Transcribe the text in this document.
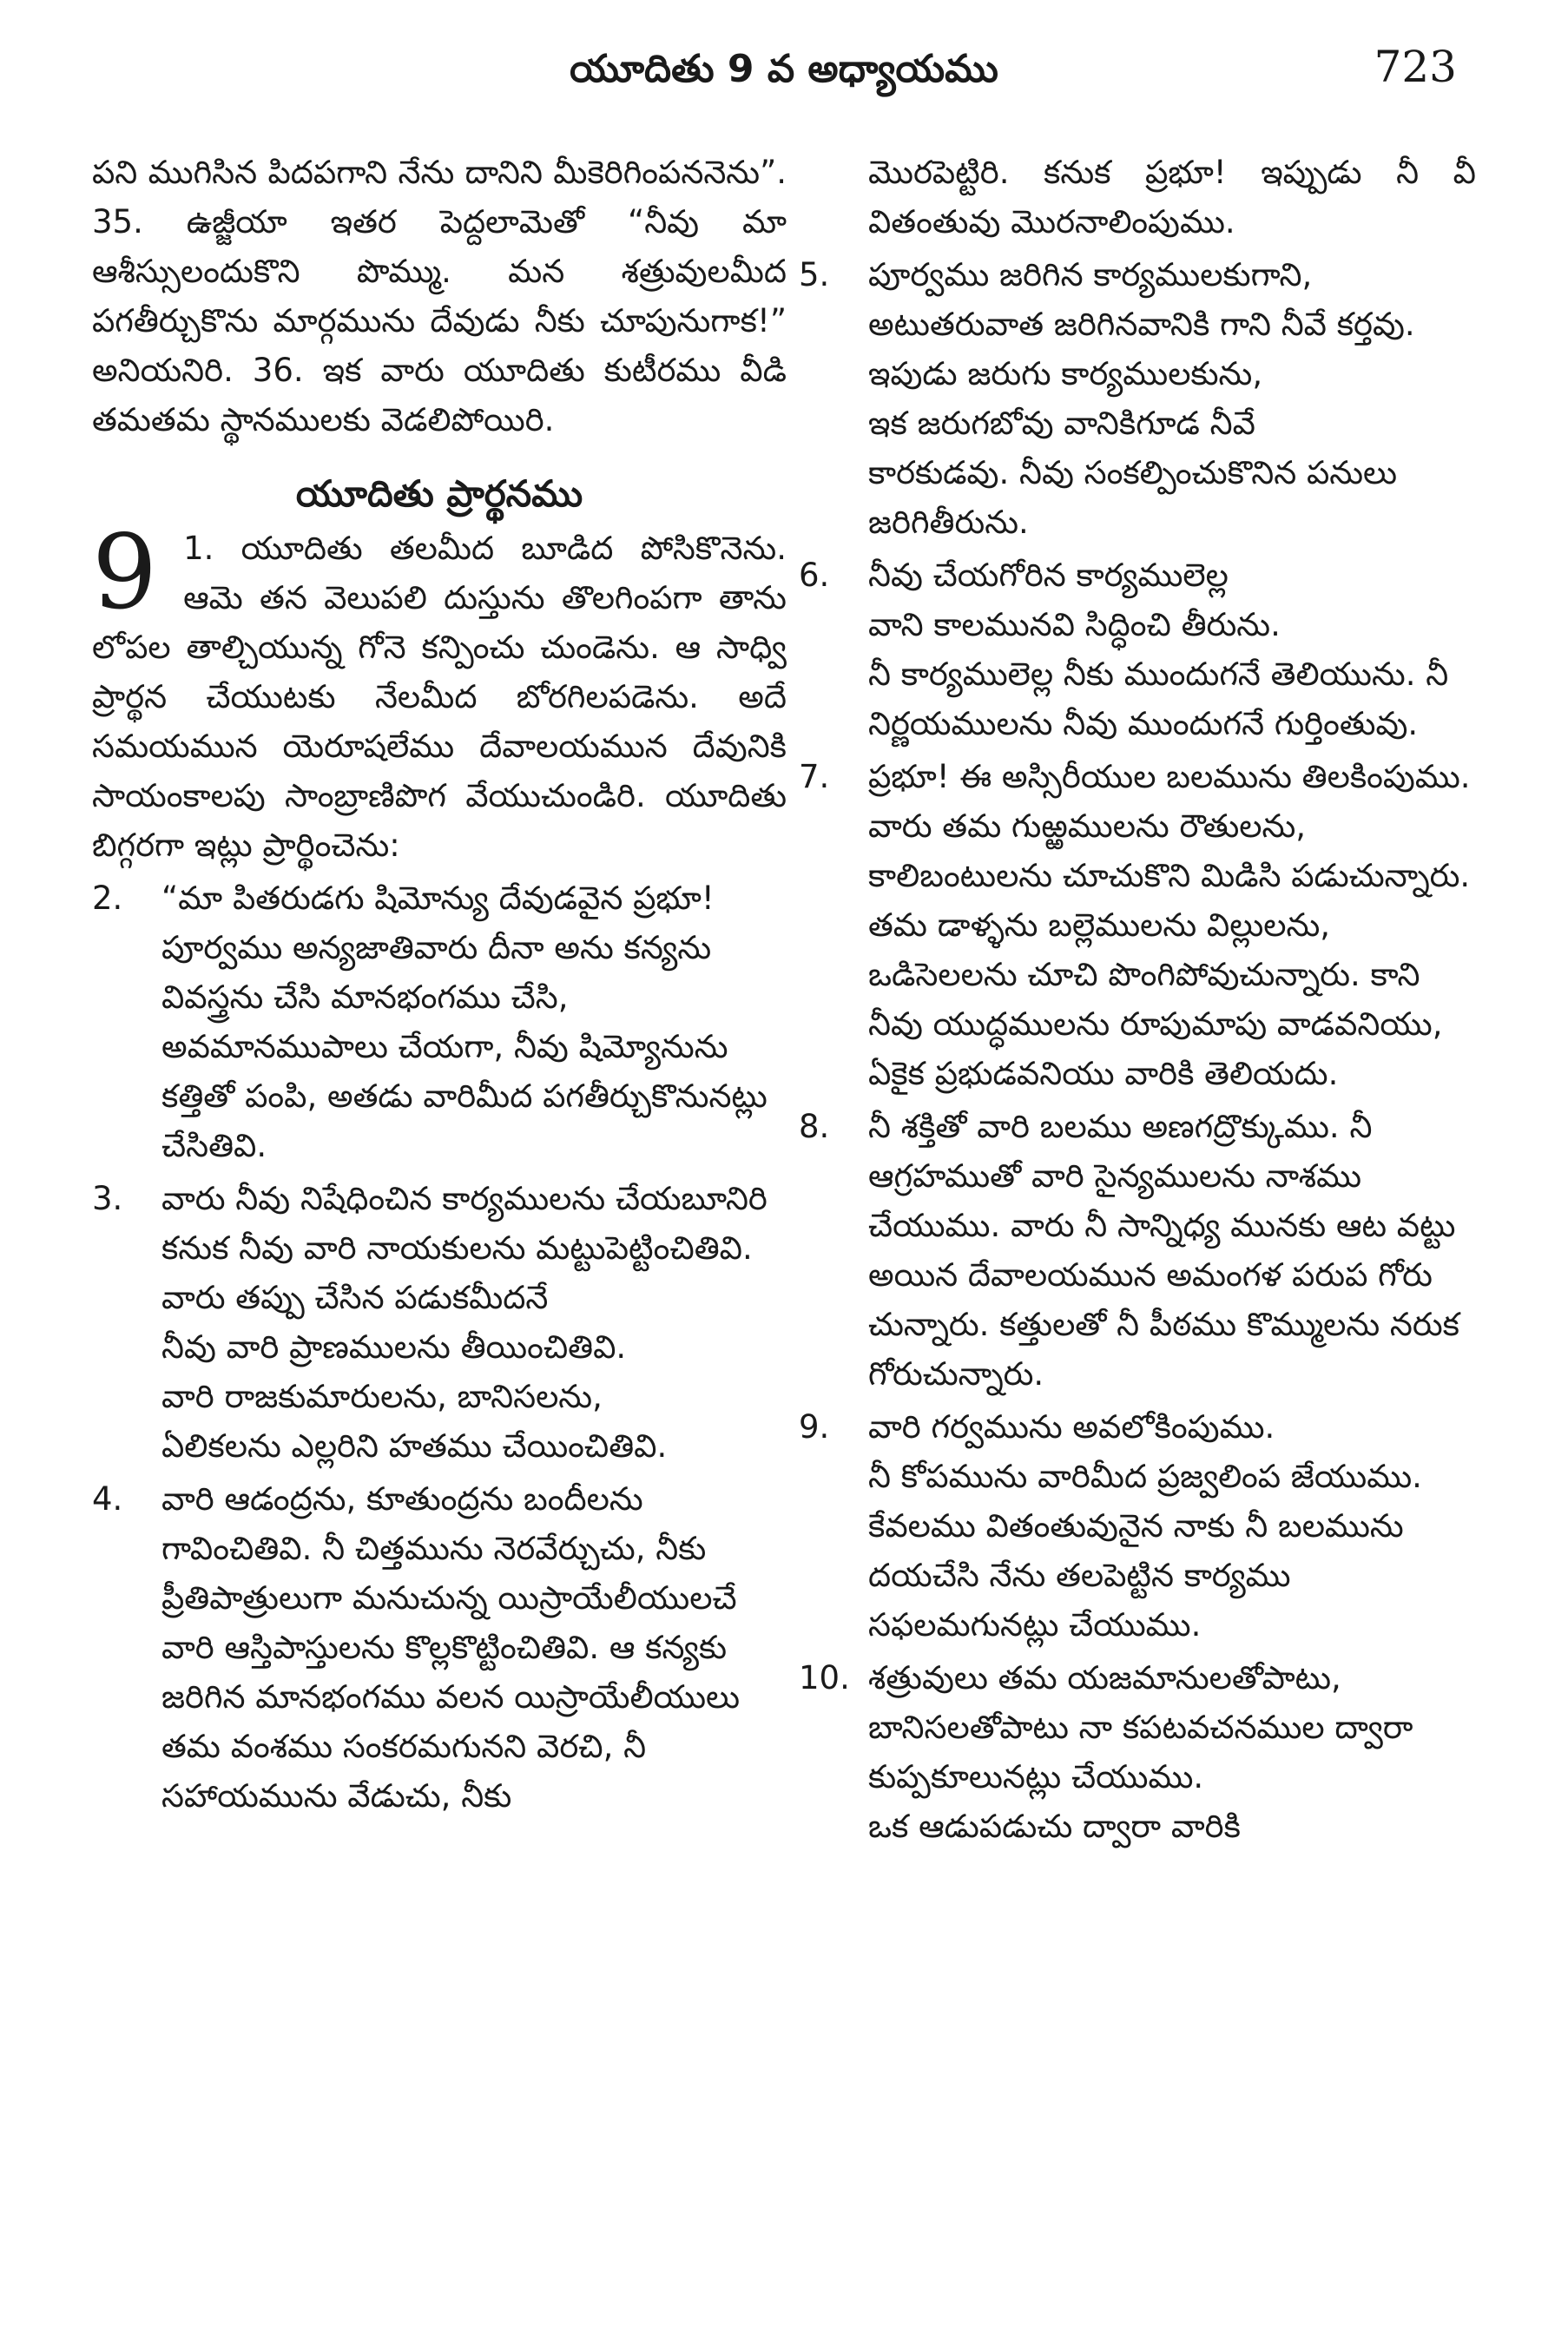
యూదితు 9 వ అధ్యాయము	723

పని ముగిసిన పిదపగాని నేను దానిని మీకెరిగింపననెను”. 35. ఉజ్జీయా ఇతర పెద్దలామెతో “నీవు మా ఆశీస్సులందుకొని పొమ్ము. మన శత్రువులమీద పగతీర్చుకొను మార్గమును దేవుడు నీకు చూపునుగాక!” అనియనిరి. 36. ఇక వారు యూదితు కుటీరము వీడి తమతమ స్థానములకు వెడలిపోయిరి.

యూదితు ప్రార్థనము
9 1. యూదితు తలమీద బూడిద పోసికొనెను. ఆమె తన వెలుపలి దుస్తును తొలగింపగా తాను లోపల తాల్చియున్న గోనె కన్పించు చుండెను. ఆ సాధ్వి ప్రార్థన చేయుటకు నేలమీద బోరగిలపడెను. అదే సమయమున యెరూషలేము దేవాలయమున దేవునికి సాయంకాలపు సాంబ్రాణిపొగ వేయుచుండిరి. యూదితు బిగ్గరగా ఇట్లు ప్రార్థించెను:
2.	“మా పితరుడగు షిమోన్యు దేవుడవైన ప్రభూ! పూర్వము అన్యజాతివారు దీనా అను కన్యను వివస్త్రను చేసి మానభంగము చేసి, అవమానముపాలు చేయగా, నీవు షిమ్యోనును కత్తితో పంపి, అతడు వారిమీద పగతీర్చుకొనునట్లు చేసితివి.
3.	వారు నీవు నిషేధించిన కార్యములను చేయబూనిరి కనుక నీవు వారి నాయకులను మట్టుపెట్టించితివి.
వారు తప్పు చేసిన పడుకమీదనే
నీవు వారి ప్రాణములను తీయించితివి.
వారి రాజకుమారులను, బానిసలను,
ఏలికలను ఎల్లరిని హతము చేయించితివి.
4.	వారి ఆడంద్రను, కూతుంద్రను బందీలను గావించితివి. నీ చిత్తమును నెరవేర్చుచు, నీకు ప్రీతిపాత్రులుగా మనుచున్న యిస్రాయేలీయులచే వారి ఆస్తిపాస్తులను కొల్లకొట్టించితివి. ఆ కన్యకు జరిగిన మానభంగము వలన యిస్రాయేలీయులు తమ వంశము సంకరమగునని వెరచి, నీ సహాయమును వేడుచు, నీకు

మొరపెట్టిరి. కనుక ప్రభూ! ఇప్పుడు నీ వీ వితంతువు మొరనాలింపుము.

5.	పూర్వము జరిగిన కార్యములకుగాని,
అటుతరువాత జరిగినవానికి గాని నీవే కర్తవు. ఇపుడు జరుగు కార్యములకును,
ఇక జరుగబోవు వానికిగూడ నీవే
కారకుడవు. నీవు సంకల్పించుకొనిన పనులు జరిగితీరును.
6.	నీవు చేయగోరిన కార్యములెల్ల
వాని కాలమునవి సిద్ధించి తీరును.
నీ కార్యములెల్ల నీకు ముందుగనే తెలియును. నీ నిర్ణయములను నీవు ముందుగనే గుర్తింతువు.
7.	ప్రభూ! ఈ అస్సిరీయుల బలమును తిలకింపుము. వారు తమ గుఱ్ఱములను రౌతులను, కాలిబంటులను చూచుకొని మిడిసి పడుచున్నారు. తమ డాళ్ళను బల్లెములను విల్లులను, ఒడిసెలలను చూచి పొంగిపోవుచున్నారు. కాని నీవు యుద్ధములను రూపుమాపు వాడవనియు, ఏకైక ప్రభుడవనియు వారికి తెలియదు.
8.	నీ శక్తితో వారి బలము అణగద్రొక్కుము. నీ ఆగ్రహముతో వారి సైన్యములను నాశము చేయుము. వారు నీ సాన్నిధ్య మునకు ఆట వట్టు అయిన దేవాలయమున అమంగళ పరుప గోరు చున్నారు. కత్తులతో నీ పీఠము కొమ్ములను నరుక గోరుచున్నారు.
9.	వారి గర్వమును అవలోకింపుము.
నీ కోపమును వారిమీద ప్రజ్వలింప జేయుము. కేవలము వితంతువునైన నాకు నీ బలమును దయచేసి నేను తలపెట్టిన కార్యము సఫలమగునట్లు చేయుము.
10. శత్రువులు తమ యజమానులతోపాటు, బానిసలతోపాటు నా కపటవచనముల ద్వారా కుప్పకూలునట్లు చేయుము.
ఒక ఆడుపడుచు ద్వారా వారికి
